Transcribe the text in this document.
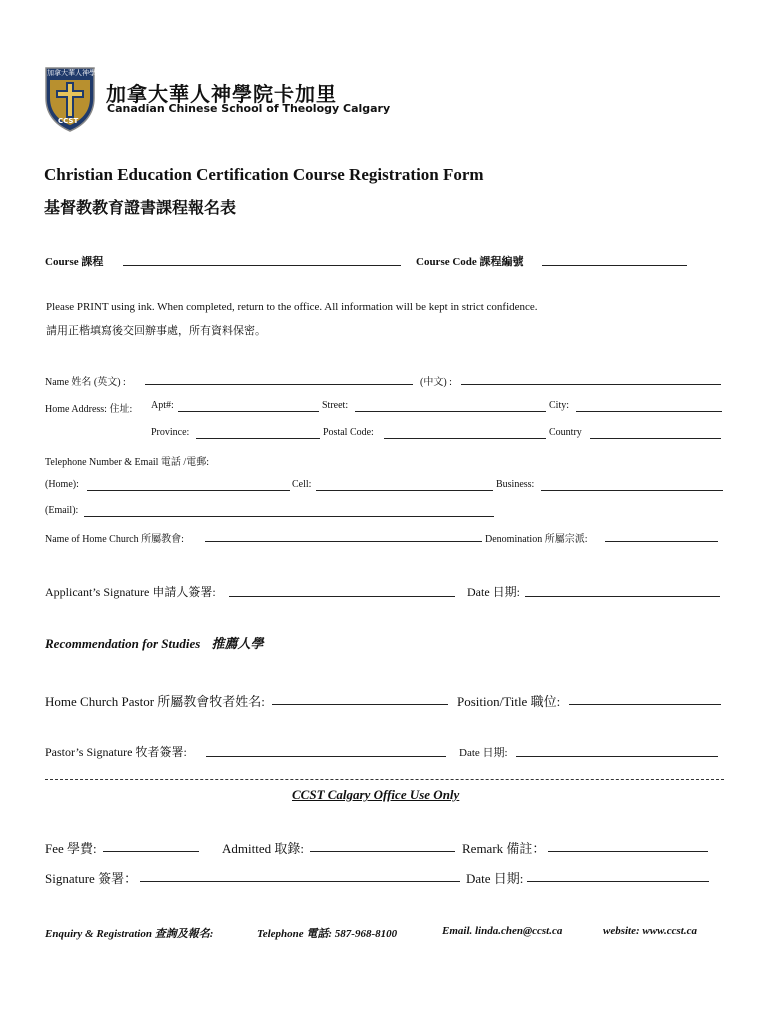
加拿大華人神學院
CCST
加拿大華人神學院卡加里
Canadian Chinese School of Theology Calgary
Christian Education Certification Course Registration Form
基督教教育證書課程報名表
Course 課程	Course Code 課程編號
Please PRINT using ink. When completed, return to the office. All information will be kept in strict confidence.
請用正楷填寫後交回辦事處，所有資料保密。
Name 姓名 (英文) :	(中文) :
Home Address: 住址: Apt#:	Street:	City:
Province:	Postal Code:	Country
Telephone Number & Email 電話 /電郵:
(Home):	Cell:	Business:
(Email):
Name of Home Church 所屬教會:	Denomination 所屬宗派:
Applicant’s Signature 申請人簽署:	Date 日期:
Recommendation for Studies 推薦人學
Home Church Pastor 所屬教會牧者姓名:	Position/Title 職位:
Pastor’s Signature 牧者簽署:	Date 日期:
CCST Calgary Office Use Only
Fee 學費:	Admitted 取錄:	Remark 備註：
Signature 簽署：	Date 日期:
Enquiry & Registration 查詢及報名:	Telephone 電話: 587-968-8100	Email. linda.chen@ccst.ca	website: www.ccst.ca
